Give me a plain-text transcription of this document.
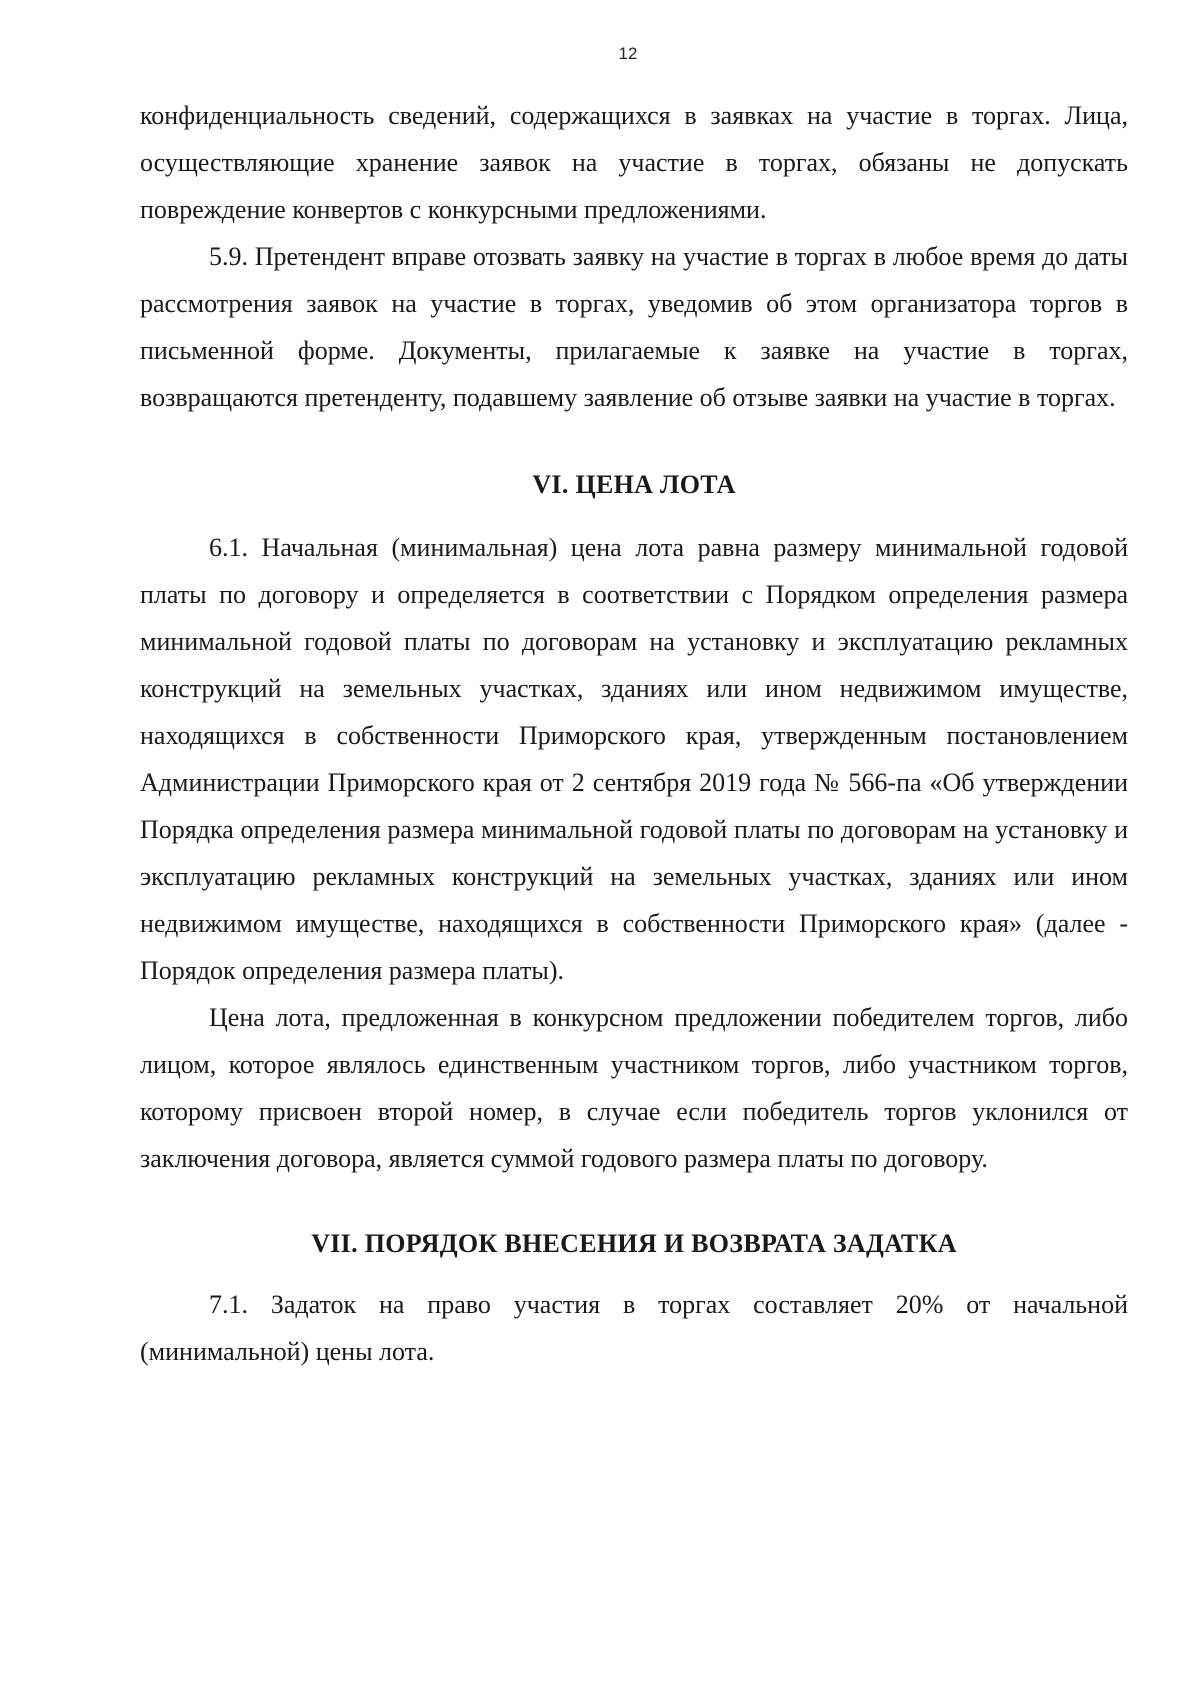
12

конфиденциальность сведений, содержащихся в заявках на участие в торгах. Лица, осуществляющие хранение заявок на участие в торгах, обязаны не допускать повреждение конвертов с конкурсными предложениями.

5.9. Претендент вправе отозвать заявку на участие в торгах в любое время до даты рассмотрения заявок на участие в торгах, уведомив об этом организатора торгов в письменной форме. Документы, прилагаемые к заявке на участие в торгах, возвращаются претенденту, подавшему заявление об отзыве заявки на участие в торгах.

VI. ЦЕНА ЛОТА

6.1. Начальная (минимальная) цена лота равна размеру минимальной годовой платы по договору и определяется в соответствии с Порядком определения размера минимальной годовой платы по договорам на установку и эксплуатацию рекламных конструкций на земельных участках, зданиях или ином недвижимом имуществе, находящихся в собственности Приморского края, утвержденным постановлением Администрации Приморского края от 2 сентября 2019 года № 566-па «Об утверждении Порядка определения размера минимальной годовой платы по договорам на установку и эксплуатацию рекламных конструкций на земельных участках, зданиях или ином недвижимом имуществе, находящихся в собственности Приморского края» (далее - Порядок определения размера платы).

Цена лота, предложенная в конкурсном предложении победителем торгов, либо лицом, которое являлось единственным участником торгов, либо участником торгов, которому присвоен второй номер, в случае если победитель торгов уклонился от заключения договора, является суммой годового размера платы по договору.

VII. ПОРЯДОК ВНЕСЕНИЯ И ВОЗВРАТА ЗАДАТКА

7.1. Задаток на право участия в торгах составляет 20% от начальной (минимальной) цены лота.
